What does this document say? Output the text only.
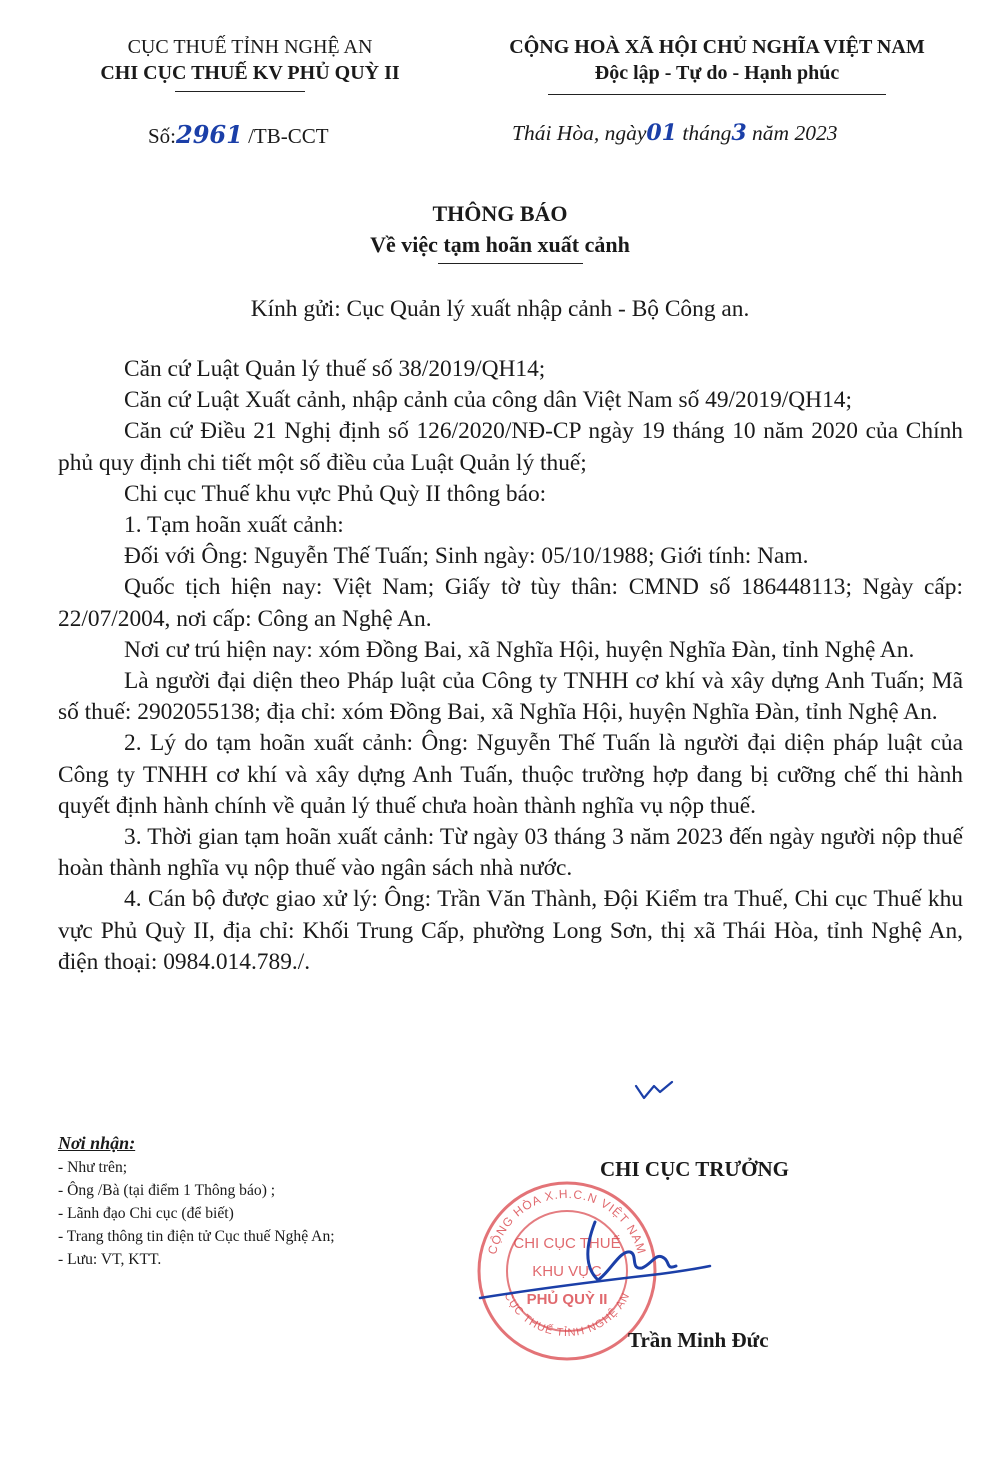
CỤC THUẾ TỈNH NGHỆ AN
CHI CỤC THUẾ KV PHỦ QUỲ II
CỘNG HOÀ XÃ HỘI CHỦ NGHĨA VIỆT NAM
Độc lập - Tự do - Hạnh phúc
Số:2961 /TB-CCT	Thái Hòa, ngày01 tháng3 năm 2023
THÔNG BÁO
Về việc tạm hoãn xuất cảnh
Kính gửi: Cục Quản lý xuất nhập cảnh - Bộ Công an.

Căn cứ Luật Quản lý thuế số 38/2019/QH14;

Căn cứ Luật Xuất cảnh, nhập cảnh của công dân Việt Nam số 49/2019/QH14;

Căn cứ Điều 21 Nghị định số 126/2020/NĐ-CP ngày 19 tháng 10 năm 2020 của Chính phủ quy định chi tiết một số điều của Luật Quản lý thuế;

Chi cục Thuế khu vực Phủ Quỳ II thông báo:

1. Tạm hoãn xuất cảnh:

Đối với Ông: Nguyễn Thế Tuấn; Sinh ngày: 05/10/1988; Giới tính: Nam.

Quốc tịch hiện nay: Việt Nam; Giấy tờ tùy thân: CMND số 186448113; Ngày cấp: 22/07/2004, nơi cấp: Công an Nghệ An.

Nơi cư trú hiện nay: xóm Đồng Bai, xã Nghĩa Hội, huyện Nghĩa Đàn, tỉnh Nghệ An.

Là người đại diện theo Pháp luật của Công ty TNHH cơ khí và xây dựng Anh Tuấn; Mã số thuế: 2902055138; địa chỉ: xóm Đồng Bai, xã Nghĩa Hội, huyện Nghĩa Đàn, tỉnh Nghệ An.

2. Lý do tạm hoãn xuất cảnh: Ông: Nguyễn Thế Tuấn là người đại diện pháp luật của Công ty TNHH cơ khí và xây dựng Anh Tuấn, thuộc trường hợp đang bị cưỡng chế thi hành quyết định hành chính về quản lý thuế chưa hoàn thành nghĩa vụ nộp thuế.

3. Thời gian tạm hoãn xuất cảnh: Từ ngày 03 tháng 3 năm 2023 đến ngày người nộp thuế hoàn thành nghĩa vụ nộp thuế vào ngân sách nhà nước.

4. Cán bộ được giao xử lý: Ông: Trần Văn Thành, Đội Kiểm tra Thuế, Chi cục Thuế khu vực Phủ Quỳ II, địa chỉ: Khối Trung Cấp, phường Long Sơn, thị xã Thái Hòa, tỉnh Nghệ An, điện thoại: 0984.014.789./.

Nơi nhận:
- Như trên;
- Ông /Bà (tại điểm 1 Thông báo) ;
- Lãnh đạo Chi cục (để biết)
- Trang thông tin điện tử Cục thuế Nghệ An;
- Lưu: VT, KTT.
CHI CỤC TRƯỞNG
CỘNG HÒA X.H.C.N VIỆT NAM
CỤC THUẾ TỈNH NGHỆ AN
CHI CỤC THUẾ
KHU VỰC
PHỦ QUỲ II
Trần Minh Đức
